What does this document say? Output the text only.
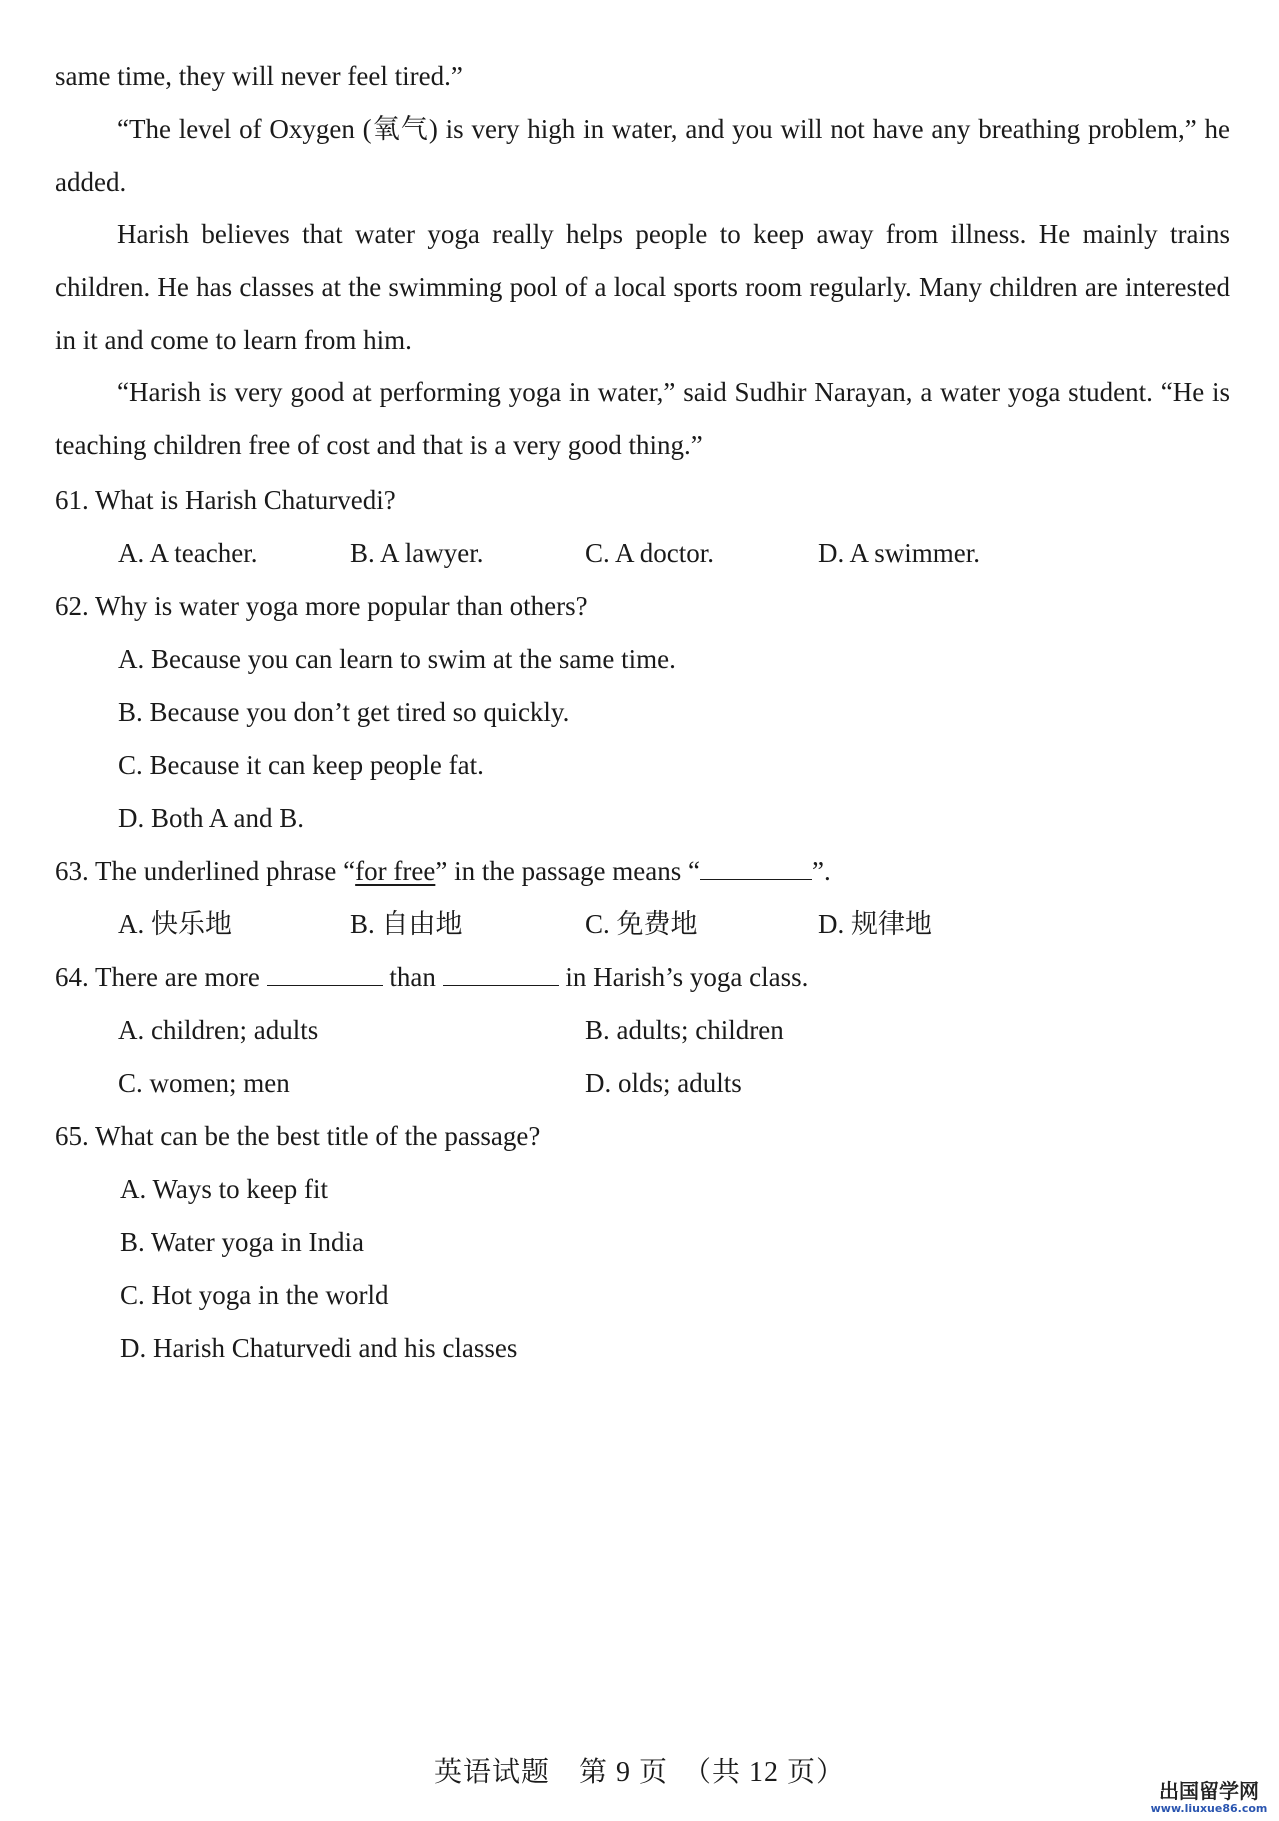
same time, they will never feel tired.”
“The level of Oxygen (氧气) is very high in water, and you will not have any breathing problem,” he added.
Harish believes that water yoga really helps people to keep away from illness. He mainly trains children. He has classes at the swimming pool of a local sports room regularly. Many children are interested in it and come to learn from him.
“Harish is very good at performing yoga in water,” said Sudhir Narayan, a water yoga student. “He is teaching children free of cost and that is a very good thing.”
61. What is Harish Chaturvedi?
A. A teacher.	B. A lawyer.	C. A doctor.	D. A swimmer.
62. Why is water yoga more popular than others?
A. Because you can learn to swim at the same time.
B. Because you don’t get tired so quickly.
C. Because it can keep people fat.
D. Both A and B.
63. The underlined phrase “for free” in the passage means “	”.
A. 快乐地	B. 自由地	C. 免费地	D. 规律地
64. There are more	than	in Harish’s yoga class.
A. children; adults	B. adults; children
C. women; men	D. olds; adults
65. What can be the best title of the passage?
A. Ways to keep fit
B. Water yoga in India
C. Hot yoga in the world
D. Harish Chaturvedi and his classes
英语试题　第 9 页　（共 12 页）
出国留学网
www.liuxue86.com
